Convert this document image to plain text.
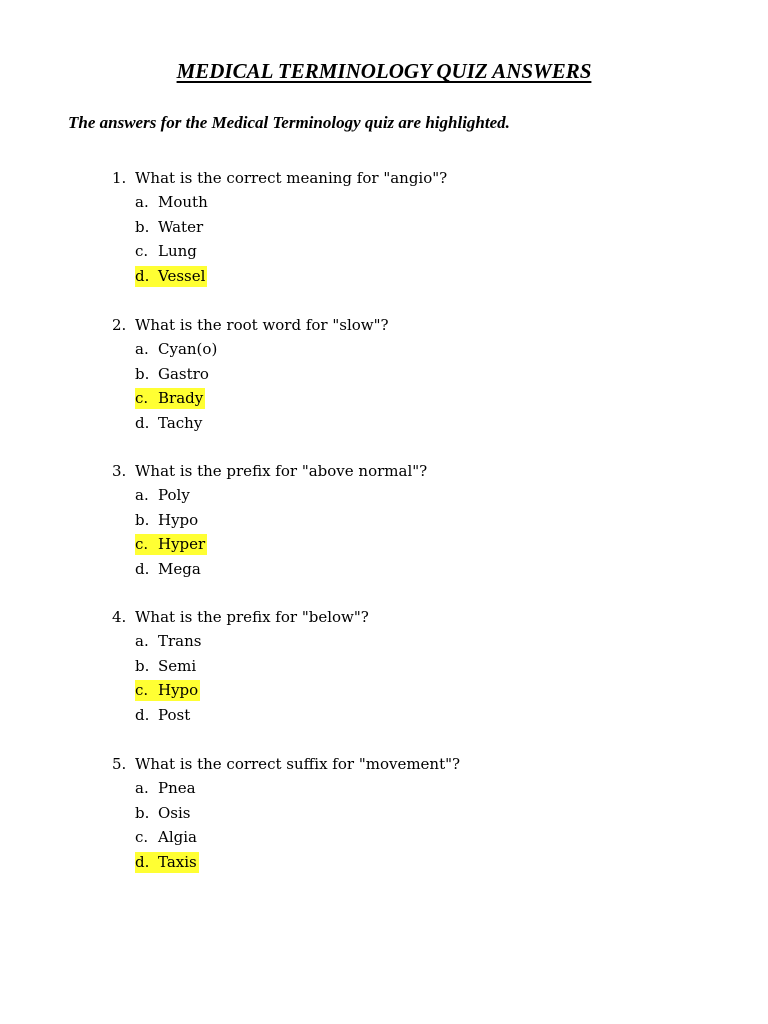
MEDICAL TERMINOLOGY QUIZ ANSWERS
The answers for the Medical Terminology quiz are highlighted.
1. What is the correct meaning for "angio"?
a. Mouth
b. Water
c. Lung
d. Vessel
2. What is the root word for "slow"?
a. Cyan(o)
b. Gastro
c. Brady
d. Tachy
3. What is the prefix for "above normal"?
a. Poly
b. Hypo
c. Hyper
d. Mega
4. What is the prefix for "below"?
a. Trans
b. Semi
c. Hypo
d. Post
5. What is the correct suffix for "movement"?
a. Pnea
b. Osis
c. Algia
d. Taxis
